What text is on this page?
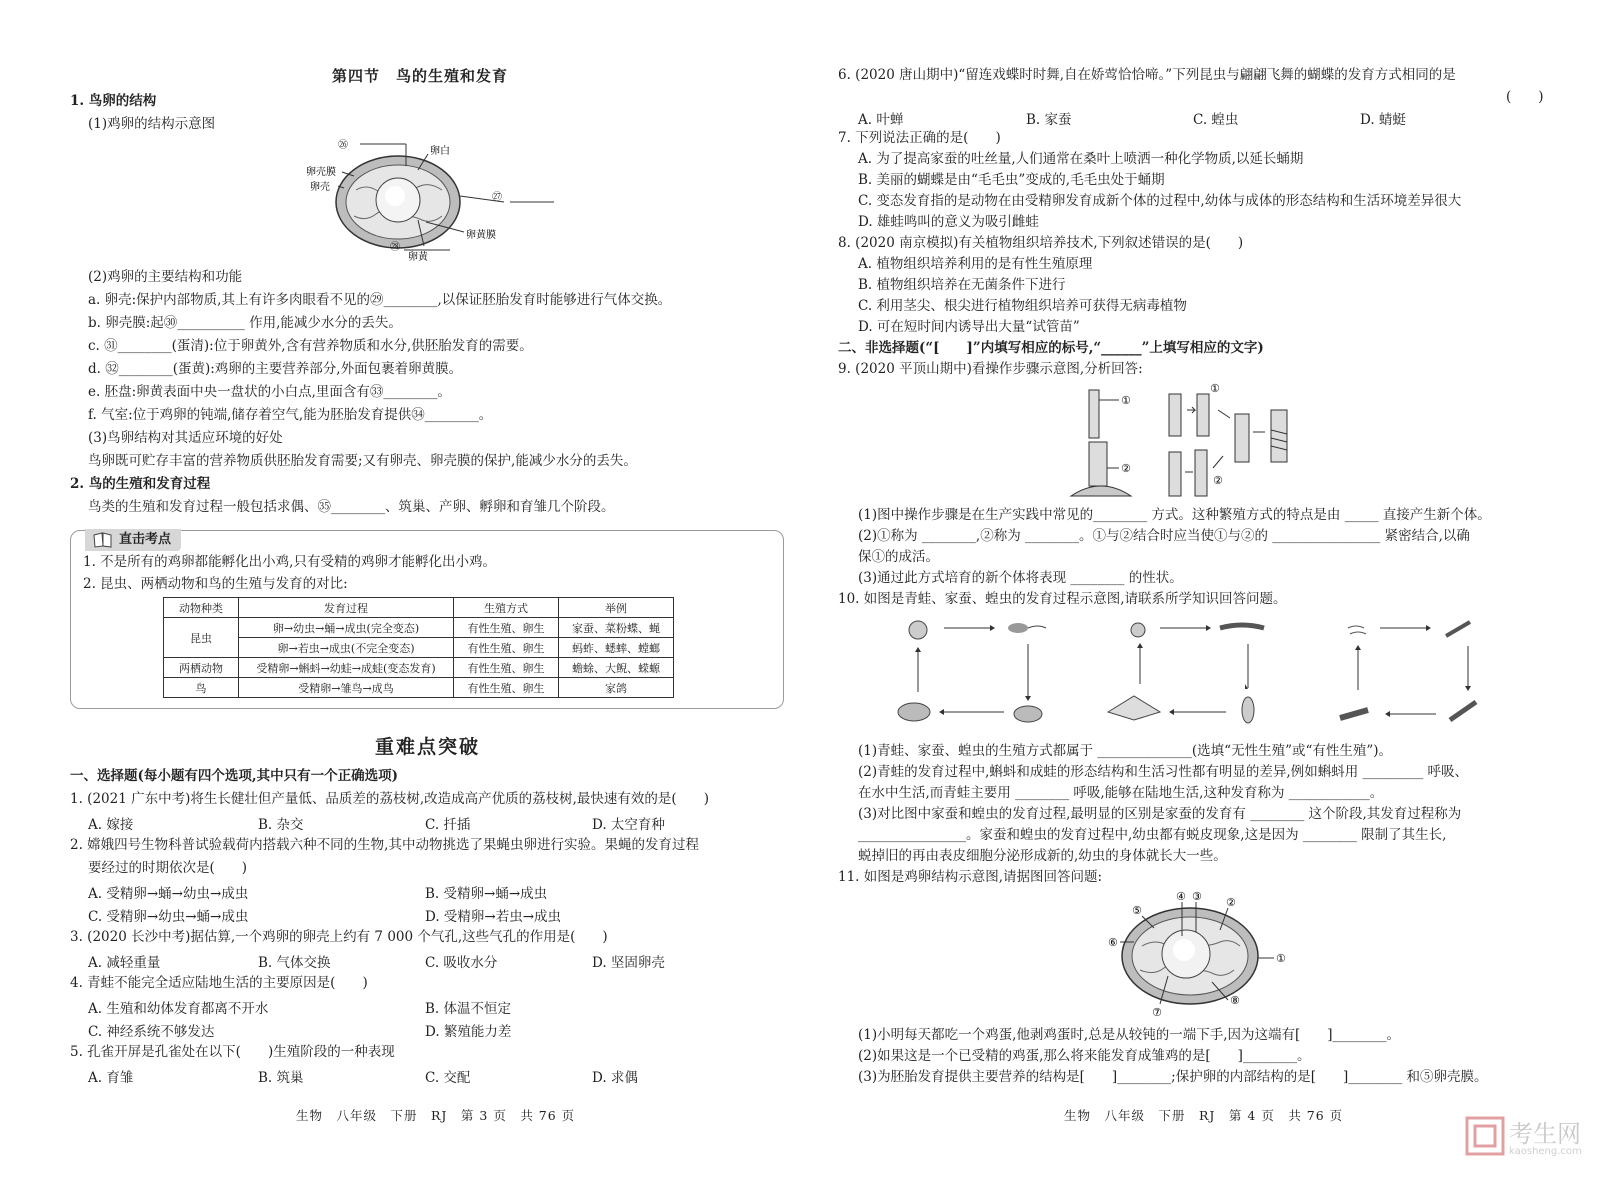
第四节　鸟的生殖和发育
1. 鸟卵的结构
(1)鸡卵的结构示意图
㉖
卵白
卵壳膜
卵壳
㉗
卵黄膜
㉘
卵黄
(2)鸡卵的主要结构和功能
a. 卵壳:保护内部物质,其上有许多肉眼看不见的㉙________,以保证胚胎发育时能够进行气体交换。
b. 卵壳膜:起㉚__________ 作用,能减少水分的丢失。
c. ㉛________(蛋清):位于卵黄外,含有营养物质和水分,供胚胎发育的需要。
d. ㉜________(蛋黄):鸡卵的主要营养部分,外面包裹着卵黄膜。
e. 胚盘:卵黄表面中央一盘状的小白点,里面含有㉝________。
f. 气室:位于鸡卵的钝端,储存着空气,能为胚胎发育提供㉞________。
(3)鸟卵结构对其适应环境的好处
鸟卵既可贮存丰富的营养物质供胚胎发育需要;又有卵壳、卵壳膜的保护,能减少水分的丢失。
2. 鸟的生殖和发育过程
鸟类的生殖和发育过程一般包括求偶、㉟________、筑巢、产卵、孵卵和育雏几个阶段。
直击考点
1. 不是所有的鸡卵都能孵化出小鸡,只有受精的鸡卵才能孵化出小鸡。
2. 昆虫、两栖动物和鸟的生殖与发育的对比:
动物种类	发育过程	生殖方式	举例
昆虫	卵→幼虫→蛹→成虫(完全变态)	有性生殖、卵生	家蚕、菜粉蝶、蝇
	卵→若虫→成虫(不完全变态)	有性生殖、卵生	蚂蚱、蟋蟀、螳螂
两栖动物	受精卵→蝌蚪→幼蛙→成蛙(变态发育)	有性生殖、卵生	蟾蜍、大鲵、蝾螈
鸟	受精卵→雏鸟→成鸟	有性生殖、卵生	家鸽
重难点突破
一、选择题(每小题有四个选项,其中只有一个正确选项)
1. (2021 广东中考)将生长健壮但产量低、品质差的荔枝树,改造成高产优质的荔枝树,最快速有效的是(　　)
A. 嫁接	B. 杂交	C. 扦插	D. 太空育种
2. 嫦娥四号生物科普试验载荷内搭载六种不同的生物,其中动物挑选了果蝇虫卵进行实验。果蝇的发育过程
要经过的时期依次是(　　)
A. 受精卵→蛹→幼虫→成虫	B. 受精卵→蛹→成虫
C. 受精卵→幼虫→蛹→成虫	D. 受精卵→若虫→成虫
3. (2020 长沙中考)据估算,一个鸡卵的卵壳上约有 7 000 个气孔,这些气孔的作用是(　　)
A. 减轻重量	B. 气体交换	C. 吸收水分	D. 坚固卵壳
4. 青蛙不能完全适应陆地生活的主要原因是(　　)
A. 生殖和幼体发育都离不开水	B. 体温不恒定
C. 神经系统不够发达	D. 繁殖能力差
5. 孔雀开屏是孔雀处在以下(　　)生殖阶段的一种表现
A. 育雏	B. 筑巢	C. 交配	D. 求偶
生物　八年级　下册　RJ　第 3 页　共 76 页
6. (2020 唐山期中)“留连戏蝶时时舞,自在娇莺恰恰啼。”下列昆虫与翩翩飞舞的蝴蝶的发育方式相同的是
(　　)
A. 叶蝉	B. 家蚕	C. 蝗虫	D. 蜻蜓
7. 下列说法正确的是(　　)
A. 为了提高家蚕的吐丝量,人们通常在桑叶上喷洒一种化学物质,以延长蛹期
B. 美丽的蝴蝶是由“毛毛虫”变成的,毛毛虫处于蛹期
C. 变态发育指的是动物在由受精卵发育成新个体的过程中,幼体与成体的形态结构和生活环境差异很大
D. 雄蛙鸣叫的意义为吸引雌蛙
8. (2020 南京模拟)有关植物组织培养技术,下列叙述错误的是(　　)
A. 植物组织培养利用的是有性生殖原理
B. 植物组织培养在无菌条件下进行
C. 利用茎尖、根尖进行植物组织培养可获得无病毒植物
D. 可在短时间内诱导出大量“试管苗”
二、非选择题(“[　　]”内填写相应的标号,“______”上填写相应的文字)
9. (2020 平顶山期中)看操作步骤示意图,分析回答:
①
②
①
②
(1)图中操作步骤是在生产实践中常见的________ 方式。这种繁殖方式的特点是由 _____ 直接产生新个体。
(2)①称为 ________,②称为 ________。①与②结合时应当使①与②的 ________________ 紧密结合,以确
保①的成活。
(3)通过此方式培育的新个体将表现 ________ 的性状。
10. 如图是青蛙、家蚕、蝗虫的发育过程示意图,请联系所学知识回答问题。
(1)青蛙、家蚕、蝗虫的生殖方式都属于 ______________(选填“无性生殖”或“有性生殖”)。
(2)青蛙的发育过程中,蝌蚪和成蛙的形态结构和生活习性都有明显的差异,例如蝌蚪用 _________ 呼吸、
在水中生活,而青蛙主要用 ________ 呼吸,能够在陆地生活,这种发育称为 ____________。
(3)对比图中家蚕和蝗虫的发育过程,最明显的区别是家蚕的发育有 ________ 这个阶段,其发育过程称为
________________。家蚕和蝗虫的发育过程中,幼虫都有蜕皮现象,这是因为 ________ 限制了其生长,
蜕掉旧的再由表皮细胞分泌形成新的,幼虫的身体就长大一些。
11. 如图是鸡卵结构示意图,请据图回答问题:
④ ③ ②
⑤
⑥
①
⑦
⑧
(1)小明每天都吃一个鸡蛋,他剥鸡蛋时,总是从较钝的一端下手,因为这端有[　　]________。
(2)如果这是一个已受精的鸡蛋,那么将来能发育成雏鸡的是[　　]________。
(3)为胚胎发育提供主要营养的结构是[　　]________;保护卵的内部结构的是[　　]________ 和⑤卵壳膜。
生物　八年级　下册　RJ　第 4 页　共 76 页
考生网
kaosheng.com
